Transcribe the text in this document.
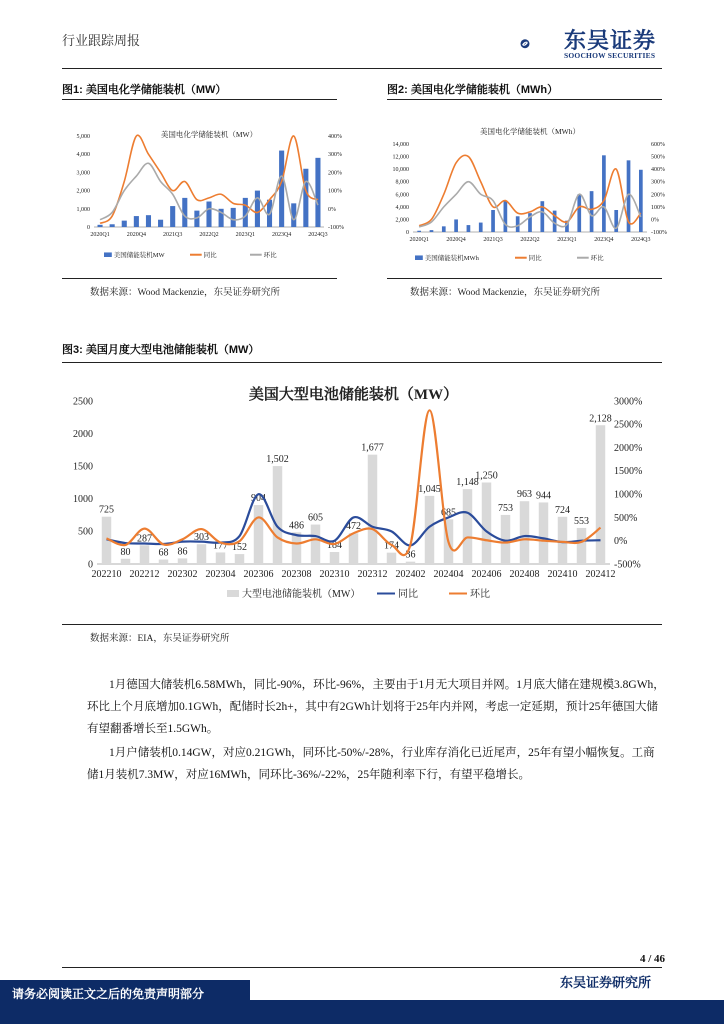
行业跟踪周报	东吴证券
SOOCHOW SECURITIES
图1: 美国电化学储能装机（MW）	图2: 美国电化学储能装机（MWh）
美国电化学储能装机（MW）
0
1,000
2,000
3,000
4,000
5,000
-100%
0%
100%
200%
300%
400%
2020Q1	2020Q4	2021Q3	2022Q2	2023Q1	2023Q4	2024Q3
美国储能装机MW	同比	环比
美国电化学储能装机（MWh）
0
2,000
4,000
6,000
8,000
10,000
12,000
14,000
-100%
0%
100%
200%
300%
400%
500%
600%
2020Q1	2020Q4	2021Q3	2022Q2	2023Q1	2023Q4	2024Q3
美国储能装机MWh	同比	环比
数据来源：Wood Mackenzie，东吴证券研究所	数据来源：Wood Mackenzie，东吴证券研究所
图3: 美国月度大型电池储能装机（MW）
美国大型电池储能装机（MW）
0
500
1000
1500
2000
2500
-500%
0%
500%
1000%
1500%
2000%
2500%
3000%
725
80
287
68 86
303
177 152
904
1,502
486
605
184
472
1,677
174
36
1,045
685
1,148
1,250
753
963 944
724
553
2,128
202210 202212 202302 202304 202306 202308 202310 202312 202402 202404 202406 202408 202410 202412
大型电池储能装机（MW）	同比	环比
数据来源：EIA，东吴证券研究所
1月德国大储装机6.58MWh，同比-90%，环比-96%，主要由于1月无大项目并网。1月底大储在建规模3.8GWh，环比上个月底增加0.1GWh，配储时长2h+，其中有2GWh计划将于25年内并网，考虑一定延期，预计25年德国大储有望翻番增长至1.5GWh。
1月户储装机0.14GW，对应0.21GWh，同环比-50%/-28%，行业库存消化已近尾声，25年有望小幅恢复。工商储1月装机7.3MW，对应16MWh，同环比-36%/-22%，25年随利率下行，有望平稳增长。
4 / 46
东吴证券研究所
请务必阅读正文之后的免责声明部分
